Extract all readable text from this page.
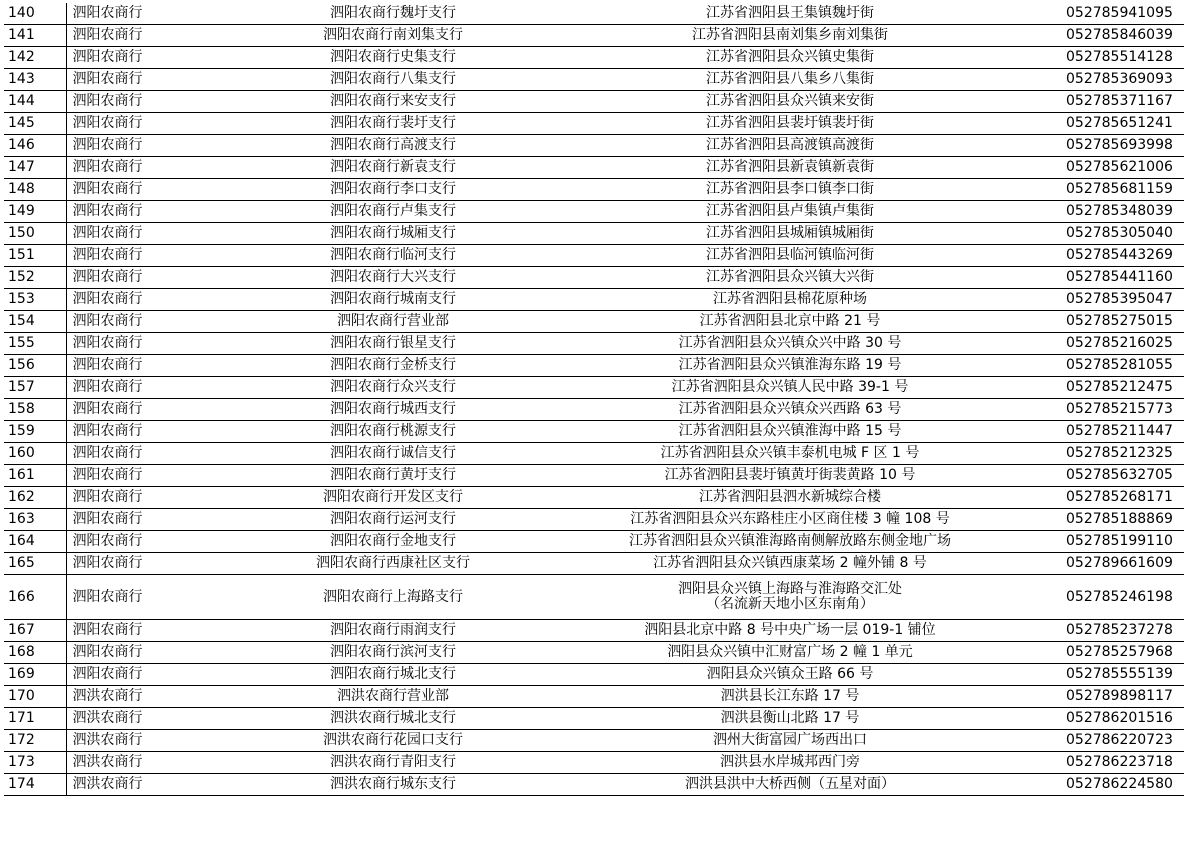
140	泗阳农商行	泗阳农商行魏圩支行	江苏省泗阳县王集镇魏圩街	052785941095
141	泗阳农商行	泗阳农商行南刘集支行	江苏省泗阳县南刘集乡南刘集街	052785846039
142	泗阳农商行	泗阳农商行史集支行	江苏省泗阳县众兴镇史集街	052785514128
143	泗阳农商行	泗阳农商行八集支行	江苏省泗阳县八集乡八集街	052785369093
144	泗阳农商行	泗阳农商行来安支行	江苏省泗阳县众兴镇来安街	052785371167
145	泗阳农商行	泗阳农商行裴圩支行	江苏省泗阳县裴圩镇裴圩街	052785651241
146	泗阳农商行	泗阳农商行高渡支行	江苏省泗阳县高渡镇高渡街	052785693998
147	泗阳农商行	泗阳农商行新袁支行	江苏省泗阳县新袁镇新袁街	052785621006
148	泗阳农商行	泗阳农商行李口支行	江苏省泗阳县李口镇李口街	052785681159
149	泗阳农商行	泗阳农商行卢集支行	江苏省泗阳县卢集镇卢集街	052785348039
150	泗阳农商行	泗阳农商行城厢支行	江苏省泗阳县城厢镇城厢街	052785305040
151	泗阳农商行	泗阳农商行临河支行	江苏省泗阳县临河镇临河街	052785443269
152	泗阳农商行	泗阳农商行大兴支行	江苏省泗阳县众兴镇大兴街	052785441160
153	泗阳农商行	泗阳农商行城南支行	江苏省泗阳县棉花原种场	052785395047
154	泗阳农商行	泗阳农商行营业部	江苏省泗阳县北京中路 21 号	052785275015
155	泗阳农商行	泗阳农商行银星支行	江苏省泗阳县众兴镇众兴中路 30 号	052785216025
156	泗阳农商行	泗阳农商行金桥支行	江苏省泗阳县众兴镇淮海东路 19 号	052785281055
157	泗阳农商行	泗阳农商行众兴支行	江苏省泗阳县众兴镇人民中路 39-1 号	052785212475
158	泗阳农商行	泗阳农商行城西支行	江苏省泗阳县众兴镇众兴西路 63 号	052785215773
159	泗阳农商行	泗阳农商行桃源支行	江苏省泗阳县众兴镇淮海中路 15 号	052785211447
160	泗阳农商行	泗阳农商行诚信支行	江苏省泗阳县众兴镇丰泰机电城 F 区 1 号	052785212325
161	泗阳农商行	泗阳农商行黄圩支行	江苏省泗阳县裴圩镇黄圩街裴黄路 10 号	052785632705
162	泗阳农商行	泗阳农商行开发区支行	江苏省泗阳县泗水新城综合楼	052785268171
163	泗阳农商行	泗阳农商行运河支行	江苏省泗阳县众兴东路桂庄小区商住楼 3 幢 108 号	052785188869
164	泗阳农商行	泗阳农商行金地支行	江苏省泗阳县众兴镇淮海路南侧解放路东侧金地广场	052785199110
165	泗阳农商行	泗阳农商行西康社区支行	江苏省泗阳县众兴镇西康菜场 2 幢外铺 8 号	052789661609
166	泗阳农商行	泗阳农商行上海路支行	泗阳县众兴镇上海路与淮海路交汇处
（名流新天地小区东南角）	052785246198
167	泗阳农商行	泗阳农商行雨润支行	泗阳县北京中路 8 号中央广场一层 019-1 铺位	052785237278
168	泗阳农商行	泗阳农商行滨河支行	泗阳县众兴镇中汇财富广场 2 幢 1 单元	052785257968
169	泗阳农商行	泗阳农商行城北支行	泗阳县众兴镇众王路 66 号	052785555139
170	泗洪农商行	泗洪农商行营业部	泗洪县长江东路 17 号	052789898117
171	泗洪农商行	泗洪农商行城北支行	泗洪县衡山北路 17 号	052786201516
172	泗洪农商行	泗洪农商行花园口支行	泗州大街富园广场西出口	052786220723
173	泗洪农商行	泗洪农商行青阳支行	泗洪县水岸城邦西门旁	052786223718
174	泗洪农商行	泗洪农商行城东支行	泗洪县洪中大桥西侧（五星对面）	052786224580
